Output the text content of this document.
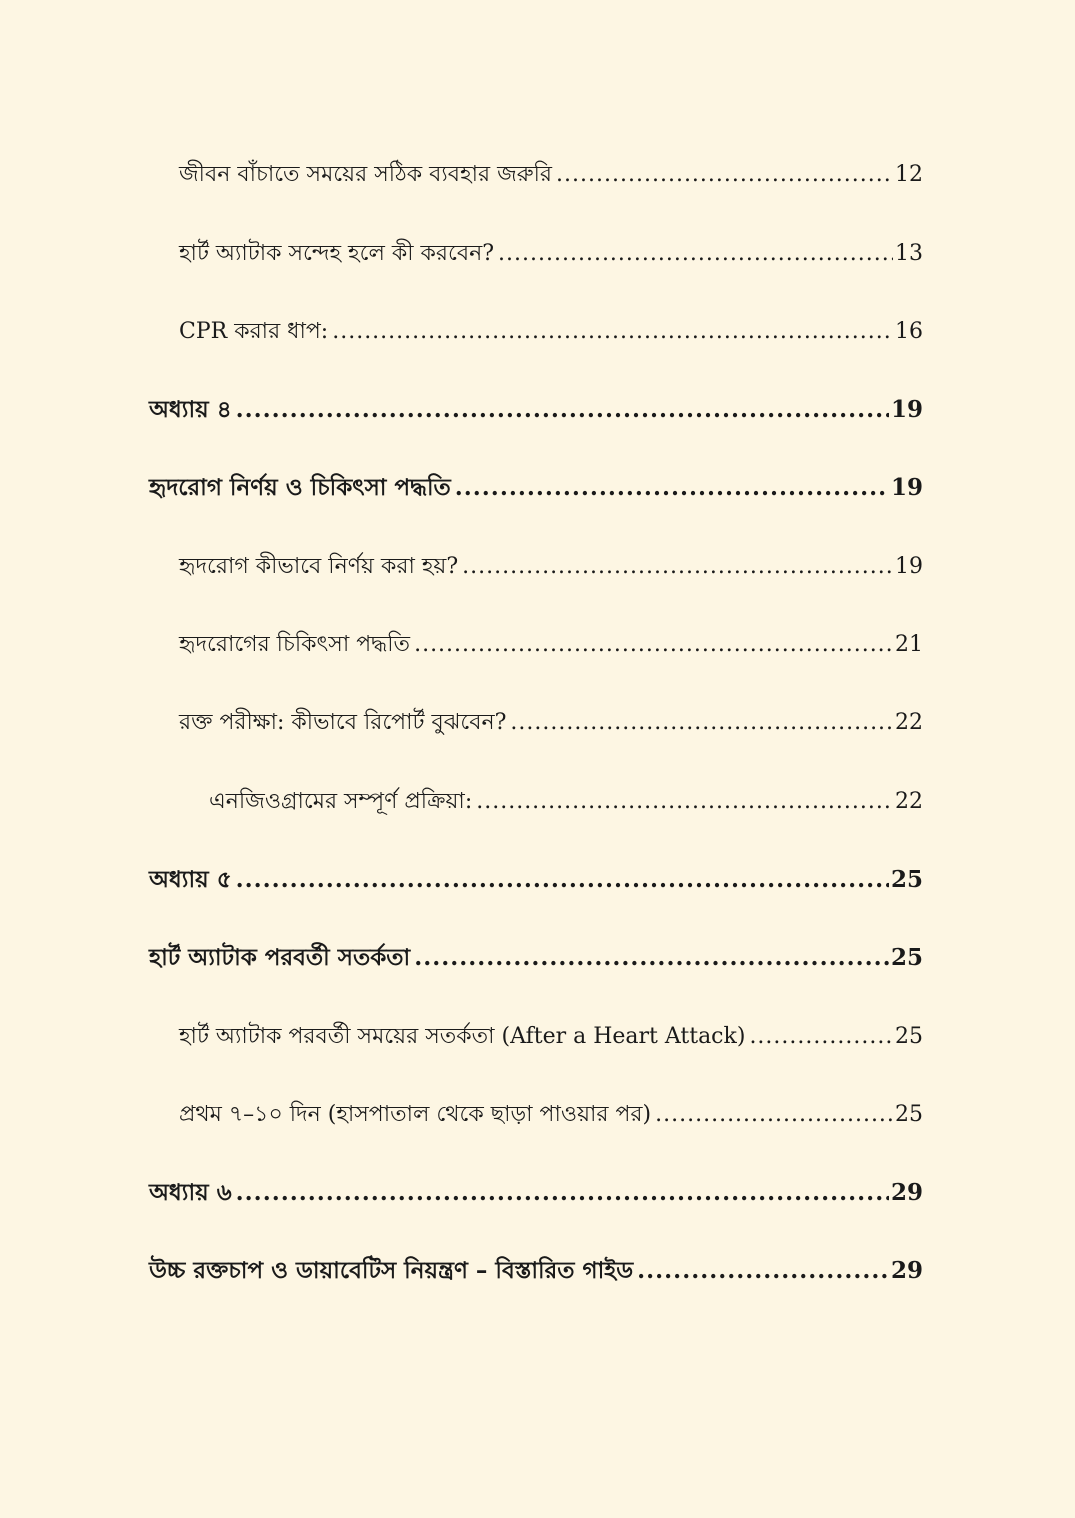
জীবন বাঁচাতে সময়ের সঠিক ব্যবহার জরুরি .....	12
হার্ট অ্যাটাক সন্দেহ হলে কী করবেন? .....	13
CPR করার ধাপ: .....	16
অধ্যায় ৪ .....	19
হৃদরোগ নির্ণয় ও চিকিৎসা পদ্ধতি .....	19
হৃদরোগ কীভাবে নির্ণয় করা হয়? .....	19
হৃদরোগের চিকিৎসা পদ্ধতি .....	21
রক্ত পরীক্ষা: কীভাবে রিপোর্ট বুঝবেন? .....	22
এনজিওগ্রামের সম্পূর্ণ প্রক্রিয়া: .....	22
অধ্যায় ৫ .....	25
হার্ট অ্যাটাক পরবর্তী সতর্কতা .....	25
হার্ট অ্যাটাক পরবর্তী সময়ের সতর্কতা (After a Heart Attack) .....	25
প্রথম ৭–১০ দিন (হাসপাতাল থেকে ছাড়া পাওয়ার পর) .....	25
অধ্যায় ৬ .....	29
উচ্চ রক্তচাপ ও ডায়াবেটিস নিয়ন্ত্রণ – বিস্তারিত গাইড .....	29
